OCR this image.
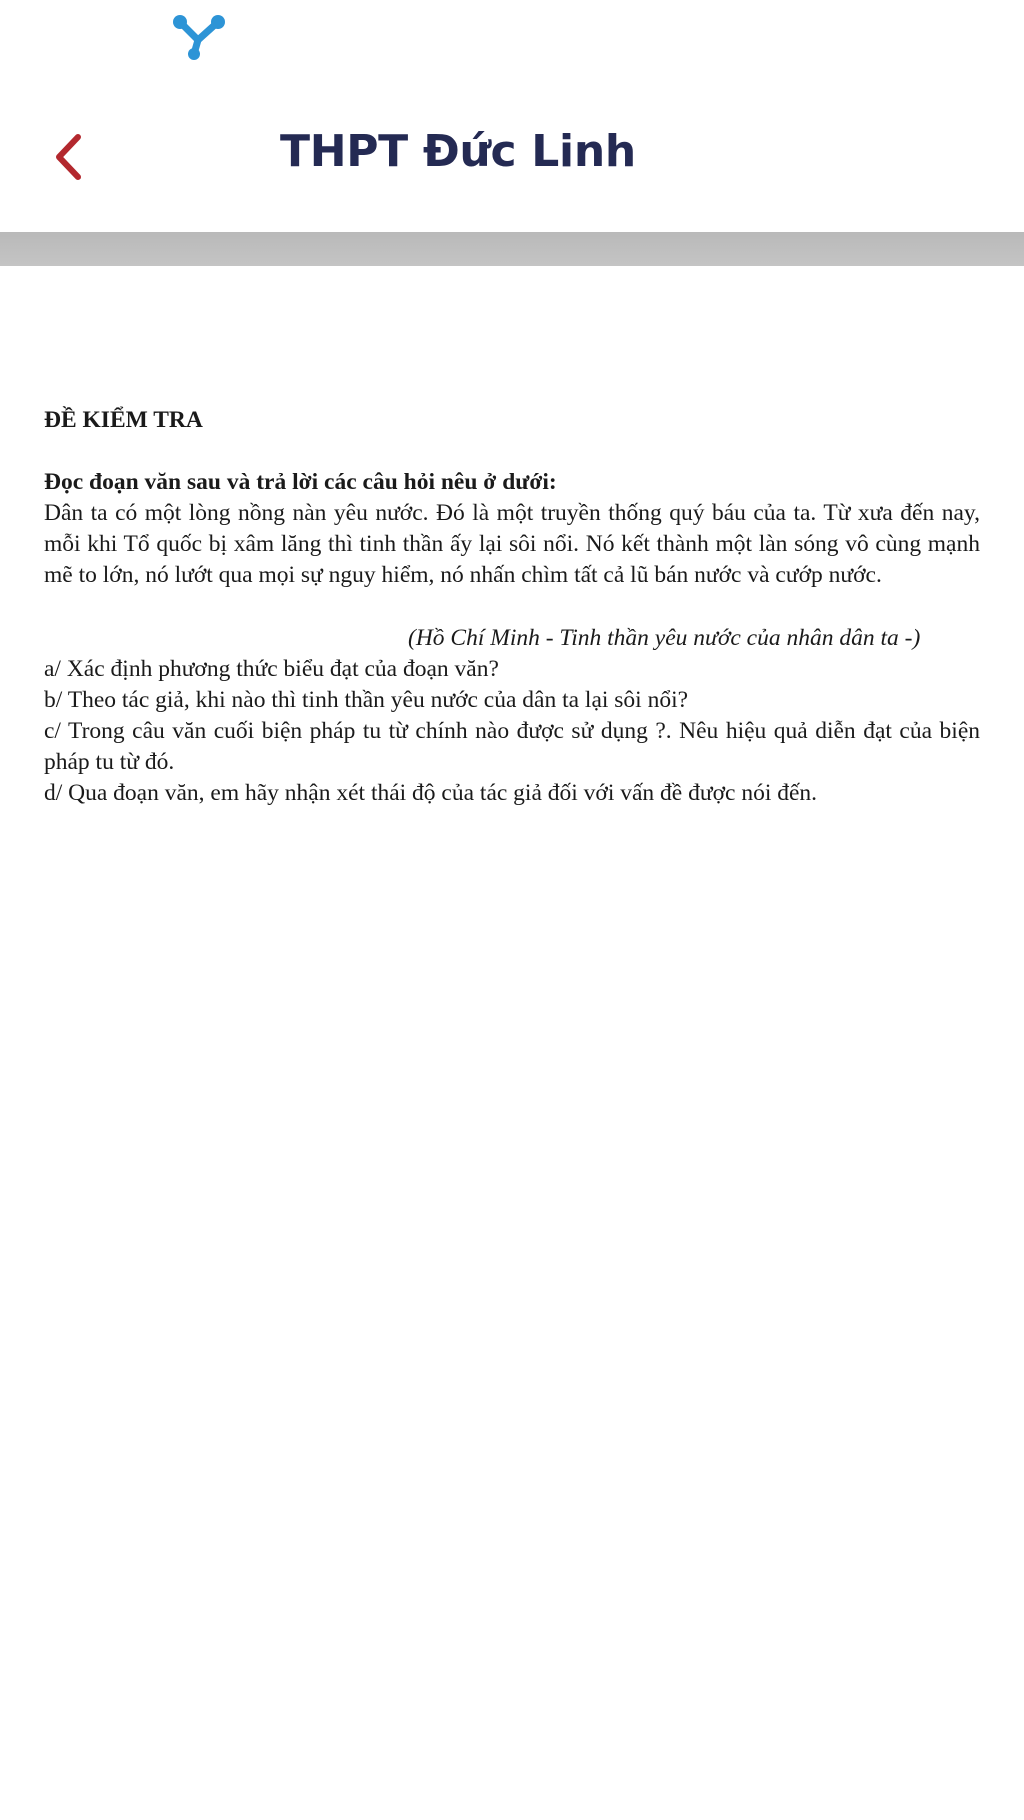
THPT Đức Linh

ĐỀ KIỂM TRA

Đọc đoạn văn sau và trả lời các câu hỏi nêu ở dưới:

Dân ta có một lòng nồng nàn yêu nước. Đó là một truyền thống quý báu của ta. Từ xưa đến nay, mỗi khi Tổ quốc bị xâm lăng thì tinh thần ấy lại sôi nổi. Nó kết thành một làn sóng vô cùng mạnh mẽ to lớn, nó lướt qua mọi sự nguy hiểm, nó nhấn chìm tất cả lũ bán nước và cướp nước.

(Hồ Chí Minh - Tinh thần yêu nước của nhân dân ta -)

a/ Xác định phương thức biểu đạt của đoạn văn?

b/ Theo tác giả, khi nào thì tinh thần yêu nước của dân ta lại sôi nổi?

c/ Trong câu văn cuối biện pháp tu từ chính nào được sử dụng ?. Nêu hiệu quả diễn đạt của biện pháp tu từ đó.

d/ Qua đoạn văn, em hãy nhận xét thái độ của tác giả đối với vấn đề được nói đến.
